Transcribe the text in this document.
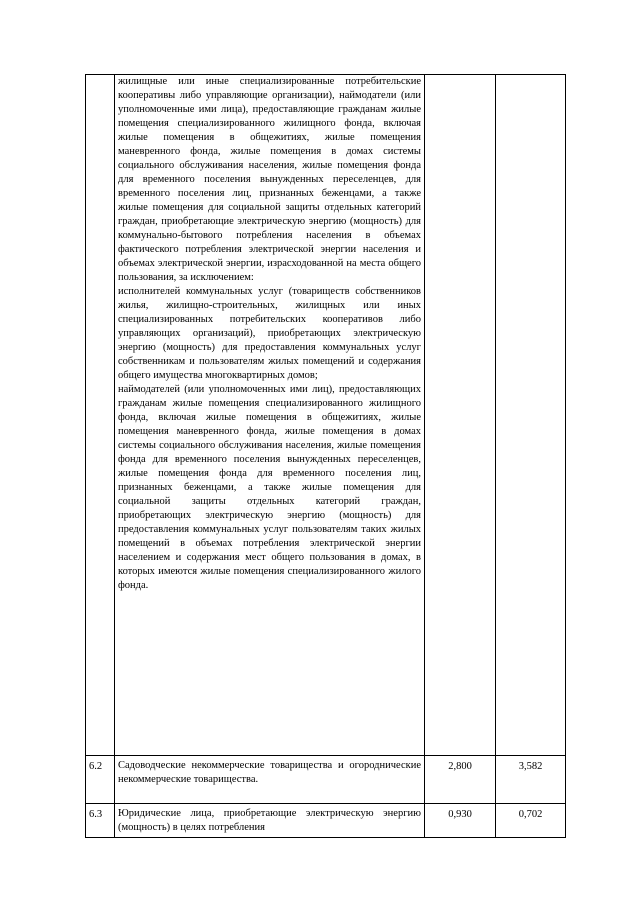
	жилищные или иные специализированные потребительские кооперативы либо управляющие организации), наймодатели (или уполномоченные ими лица), предоставляющие гражданам жилые помещения специализированного жилищного фонда, включая жилые помещения в общежитиях, жилые помещения маневренного фонда, жилые помещения в домах системы социального обслуживания населения, жилые помещения фонда для временного поселения вынужденных переселенцев, для временного поселения лиц, признанных беженцами, а также жилые помещения для социальной защиты отдельных категорий граждан, приобретающие электрическую энергию (мощность) для коммунально-бытового потребления населения в объемах фактического потребления электрической энергии населения и объемах электрической энергии, израсходованной на места общего пользования, за исключением:

исполнителей коммунальных услуг (товариществ собственников жилья, жилищно-строительных, жилищных или иных специализированных потребительских кооперативов либо управляющих организаций), приобретающих электрическую энергию (мощность) для предоставления коммунальных услуг собственникам и пользователям жилых помещений и содержания общего имущества многоквартирных домов;

наймодателей (или уполномоченных ими лиц), предоставляющих гражданам жилые помещения специализированного жилищного фонда, включая жилые помещения в общежитиях, жилые помещения маневренного фонда, жилые помещения в домах системы социального обслуживания населения, жилые помещения фонда для временного поселения вынужденных переселенцев, жилые помещения фонда для временного поселения лиц, признанных беженцами, а также жилые помещения для социальной защиты отдельных категорий граждан, приобретающих электрическую энергию (мощность) для предоставления коммунальных услуг пользователям таких жилых помещений в объемах потребления электрической энергии населением и содержания мест общего пользования в домах, в которых имеются жилые помещения специализированного жилого фонда.		

6.2	Садоводческие некоммерческие товарищества и огороднические некоммерческие товарищества.	2,800	3,582
6.3	Юридические лица, приобретающие электрическую энергию (мощность) в целях потребления	0,930	0,702
